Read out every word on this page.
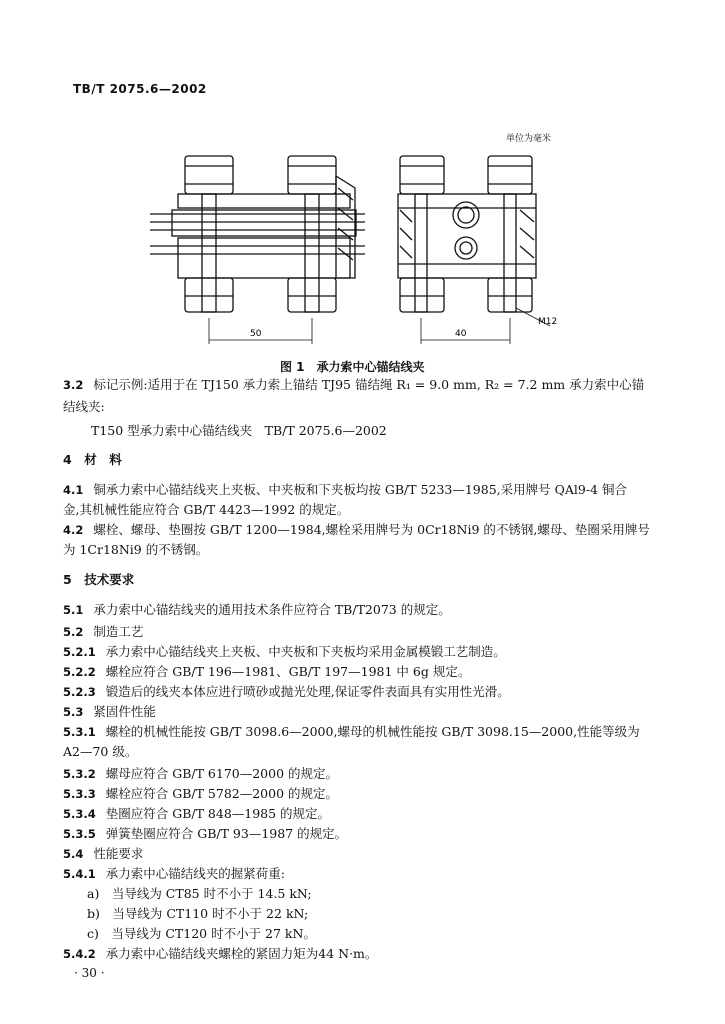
TB/T 2075.6—2002
单位为毫米
50	40
M12
图 1　承力索中心锚结线夹
3.2 标记示例:适用于在 TJ150 承力索上锚结 TJ95 锚结绳 R₁ = 9.0 mm, R₂ = 7.2 mm 承力索中心锚
结线夹:
T150 型承力索中心锚结线夹　TB/T 2075.6—2002
4　材　料
4.1 铜承力索中心锚结线夹上夹板、中夹板和下夹板均按 GB/T 5233—1985,采用牌号 QAl9-4 铜合
金,其机械性能应符合 GB/T 4423—1992 的规定。
4.2 螺栓、螺母、垫圈按 GB/T 1200—1984,螺栓采用牌号为 0Cr18Ni9 的不锈钢,螺母、垫圈采用牌号
为 1Cr18Ni9 的不锈钢。
5　技术要求
5.1 承力索中心锚结线夹的通用技术条件应符合 TB/T2073 的规定。
5.2 制造工艺
5.2.1 承力索中心锚结线夹上夹板、中夹板和下夹板均采用金属模锻工艺制造。
5.2.2 螺栓应符合 GB/T 196—1981、GB/T 197—1981 中 6g 规定。
5.2.3 锻造后的线夹本体应进行喷砂或抛光处理,保证零件表面具有实用性光滑。
5.3 紧固件性能
5.3.1 螺栓的机械性能按 GB/T 3098.6—2000,螺母的机械性能按 GB/T 3098.15—2000,性能等级为
A2—70 级。
5.3.2 螺母应符合 GB/T 6170—2000 的规定。
5.3.3 螺栓应符合 GB/T 5782—2000 的规定。
5.3.4 垫圈应符合 GB/T 848—1985 的规定。
5.3.5 弹簧垫圈应符合 GB/T 93—1987 的规定。
5.4 性能要求
5.4.1 承力索中心锚结线夹的握紧荷重:
a)　当导线为 CT85 时不小于 14.5 kN;
b)　当导线为 CT110 时不小于 22 kN;
c)　当导线为 CT120 时不小于 27 kN。
5.4.2 承力索中心锚结线夹螺栓的紧固力矩为44 N·m。
· 30 ·
